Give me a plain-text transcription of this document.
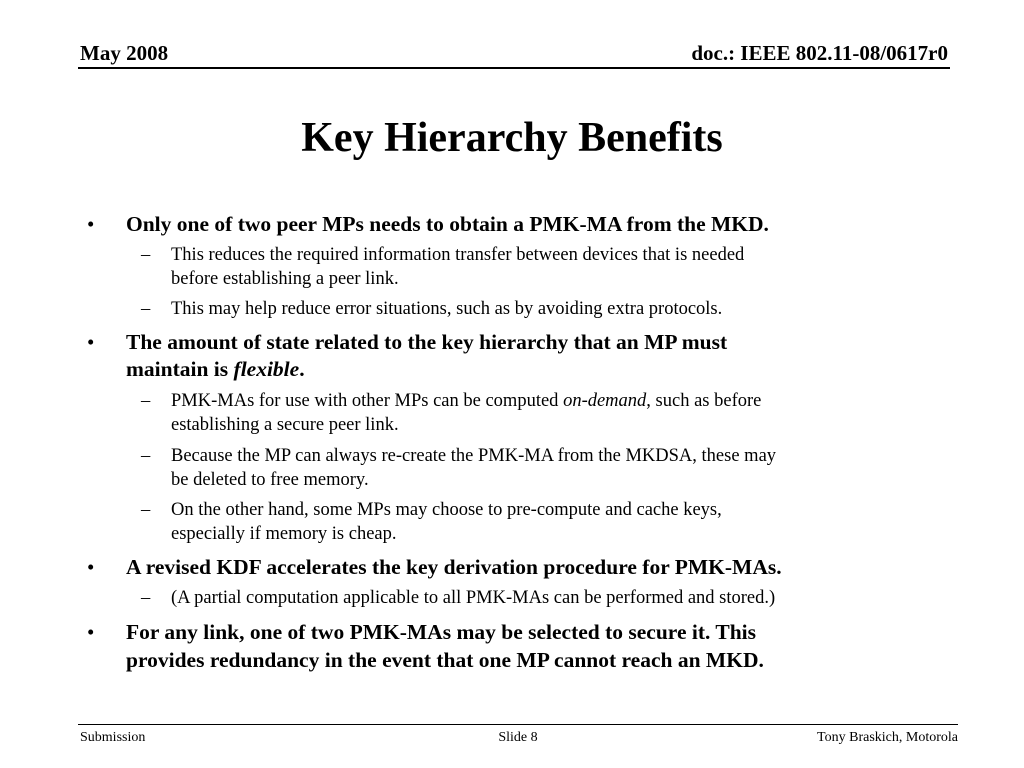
May 2008	doc.: IEEE 802.11-08/0617r0
Key Hierarchy Benefits
• Only one of two peer MPs needs to obtain a PMK-MA from the MKD.
– This reduces the required information transfer between devices that is needed
before establishing a peer link.
– This may help reduce error situations, such as by avoiding extra protocols.
• The amount of state related to the key hierarchy that an MP must
maintain is flexible.
– PMK-MAs for use with other MPs can be computed on-demand, such as before
establishing a secure peer link.
– Because the MP can always re-create the PMK-MA from the MKDSA, these may
be deleted to free memory.
– On the other hand, some MPs may choose to pre-compute and cache keys,
especially if memory is cheap.
• A revised KDF accelerates the key derivation procedure for PMK-MAs.
– (A partial computation applicable to all PMK-MAs can be performed and stored.)
• For any link, one of two PMK-MAs may be selected to secure it. This
provides redundancy in the event that one MP cannot reach an MKD.
Submission	Slide 8	Tony Braskich, Motorola
